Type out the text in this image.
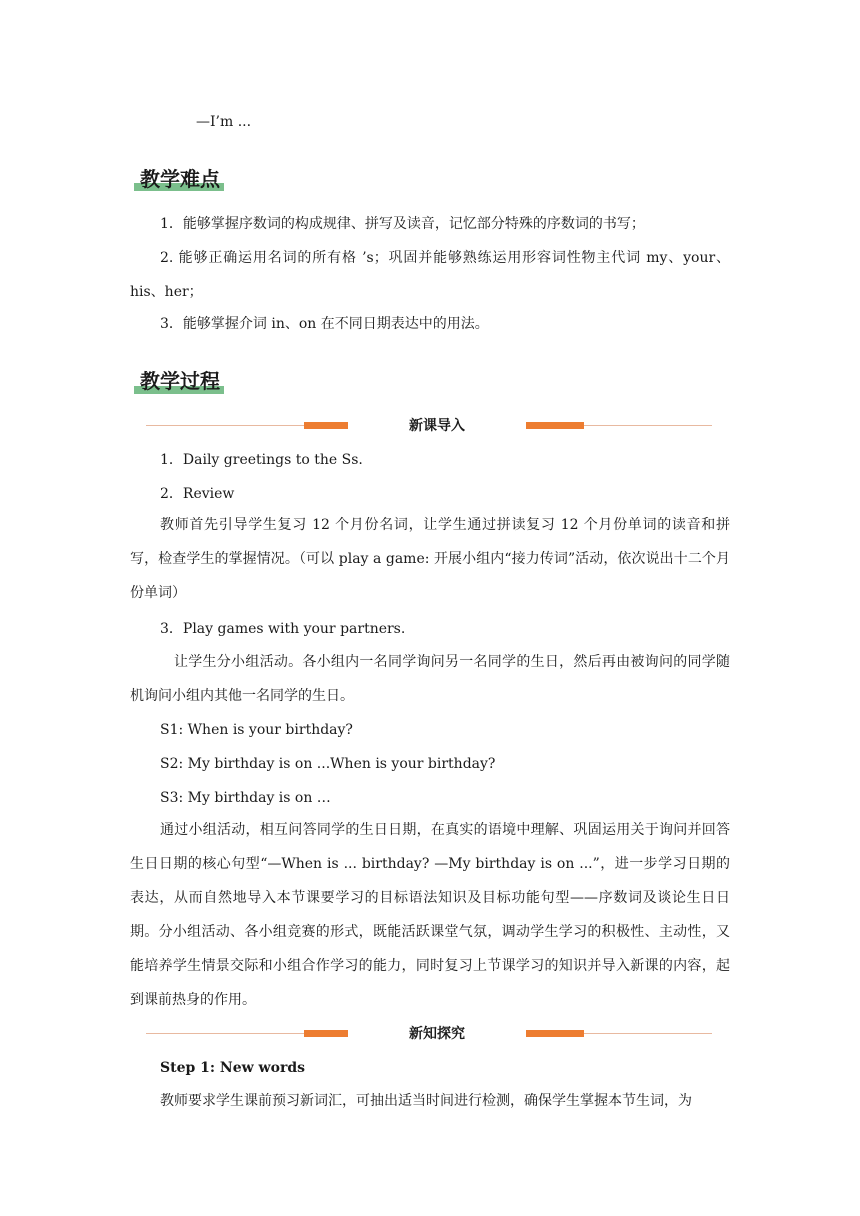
—I’m ...
教学难点
1．能够掌握序数词的构成规律、拼写及读音，记忆部分特殊的序数词的书写；
2. 能够正确运用名词的所有格 ’s；巩固并能够熟练运用形容词性物主代词 my、your、his、her；
3．能够掌握介词 in、on 在不同日期表达中的用法。
教学过程
新课导入
1．Daily greetings to the Ss.
2．Review
教师首先引导学生复习 12 个月份名词，让学生通过拼读复习 12 个月份单词的读音和拼写，检查学生的掌握情况。（可以 play a game: 开展小组内“接力传词”活动，依次说出十二个月份单词）
3．Play games with your partners.
让学生分小组活动。各小组内一名同学询问另一名同学的生日，然后再由被询问的同学随机询问小组内其他一名同学的生日。
S1: When is your birthday?
S2: My birthday is on ...When is your birthday?
S3: My birthday is on …
通过小组活动，相互问答同学的生日日期，在真实的语境中理解、巩固运用关于询问并回答生日日期的核心句型“—When is ... birthday? —My birthday is on ...”，进一步学习日期的表达，从而自然地导入本节课要学习的目标语法知识及目标功能句型——序数词及谈论生日日期。分小组活动、各小组竞赛的形式，既能活跃课堂气氛，调动学生学习的积极性、主动性，又能培养学生情景交际和小组合作学习的能力，同时复习上节课学习的知识并导入新课的内容，起到课前热身的作用。
新知探究
Step 1: New words
教师要求学生课前预习新词汇，可抽出适当时间进行检测，确保学生掌握本节生词，为
